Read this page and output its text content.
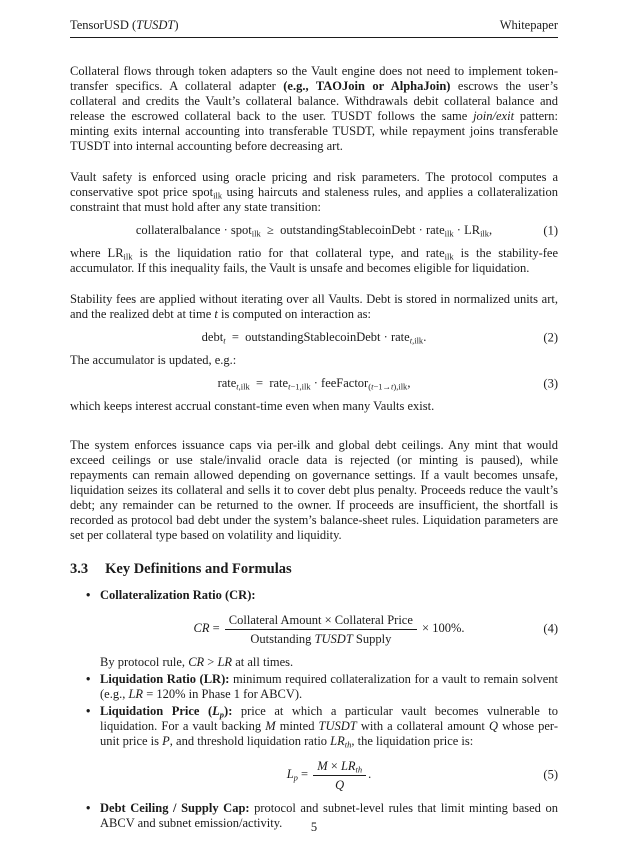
TensorUSD (TUSDT)	Whitepaper

Collateral flows through token adapters so the Vault engine does not need to implement token-transfer specifics. A collateral adapter (e.g., TAOJoin or AlphaJoin) escrows the user’s collateral and credits the Vault’s collateral balance. Withdrawals debit collateral balance and release the escrowed collateral back to the user. TUSDT follows the same join/exit pattern: minting exits internal accounting into transferable TUSDT, while repayment joins transferable TUSDT into internal accounting before decreasing art.

Vault safety is enforced using oracle pricing and risk parameters. The protocol computes a conservative spot price spot$_{ilk}$ using haircuts and staleness rules, and applies a collateralization constraint that must hold after any state transition:

collateralbalance · spot$_{ilk}$ ≥ outstandingStablecoinDebt · rate$_{ilk}$ · $LR_{ilk}$,	(1)

where $LR_{ilk}$ is the liquidation ratio for that collateral type, and rate$_{ilk}$ is the stability-fee accumulator. If this inequality fails, the Vault is unsafe and becomes eligible for liquidation.

Stability fees are applied without iterating over all Vaults. Debt is stored in normalized units art, and the realized debt at time t is computed on interaction as:

debt$_t$ = outstandingStablecoinDebt · rate$_{t,ilk}$.	(2)

The accumulator is updated, e.g.:

rate$_{t,ilk}$ = rate$_{t-1,ilk}$ · feeFactor$_{(t-1\to t),ilk}$,	(3)

which keeps interest accrual constant-time even when many Vaults exist.

The system enforces issuance caps via per-ilk and global debt ceilings. Any mint that would exceed ceilings or use stale/invalid oracle data is rejected (or minting is paused), while repayments can remain allowed depending on governance settings. If a vault becomes unsafe, liquidation seizes its collateral and sells it to cover debt plus penalty. Proceeds reduce the vault’s debt; any remainder can be returned to the owner. If proceeds are insufficient, the shortfall is recorded as protocol bad debt under the system’s balance-sheet rules. Liquidation parameters are set per collateral type based on volatility and liquidity.

3.3 Key Definitions and Formulas

• Collateralization Ratio (CR):

CR = $\frac{\text{Collateral Amount × Collateral Price}}{\text{Outstanding TUSDT Supply}} \times 100\%$.	(4)

By protocol rule, CR > LR at all times.

• Liquidation Ratio (LR): minimum required collateralization for a vault to remain solvent (e.g., LR = 120% in Phase 1 for ABCV).

• Liquidation Price $(L_p)$: price at which a particular vault becomes vulnerable to liquidation. For a vault backing M minted TUSDT with a collateral amount Q whose per-unit price is P, and threshold liquidation ratio $LR_{th}$, the liquidation price is:

$L_p = \frac{M \times LR_{th}}{Q}$ .	(5)

• Debt Ceiling / Supply Cap: protocol and subnet-level rules that limit minting based on ABCV and subnet emission/activity.	5
